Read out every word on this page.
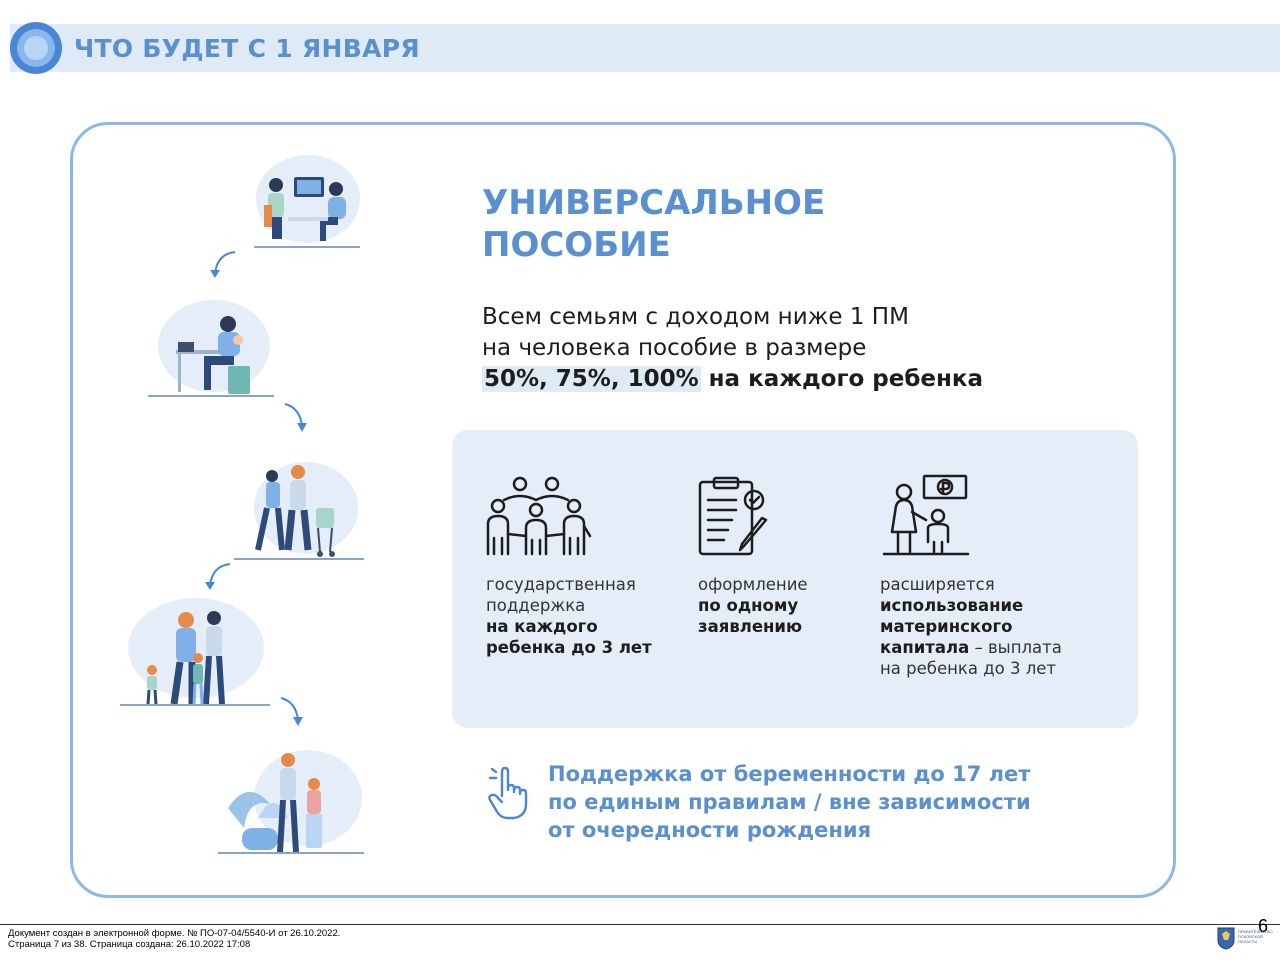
ЧТО БУДЕТ С 1 ЯНВАРЯ
УНИВЕРСАЛЬНОЕ
ПОСОБИЕ
Всем семьям с доходом ниже 1 ПМ
на человека пособие в размере
50%, 75%, 100% на каждого ребенка
государственная поддержка
на каждого ребенка до 3 лет
оформление
по одному заявлению
расширяется
использование материнского капитала – выплата на ребенка до 3 лет
Поддержка от беременности до 17 лет
по единым правилам / вне зависимости
от очередности рождения
Документ создан в электронной форме. № ПО-07-04/5540-И от 26.10.2022.
Страница 7 из 38. Страница создана: 26.10.2022 17:08
6
ПРАВИТЕЛЬСТВО ПСКОВСКОЙ ОБЛАСТИ
